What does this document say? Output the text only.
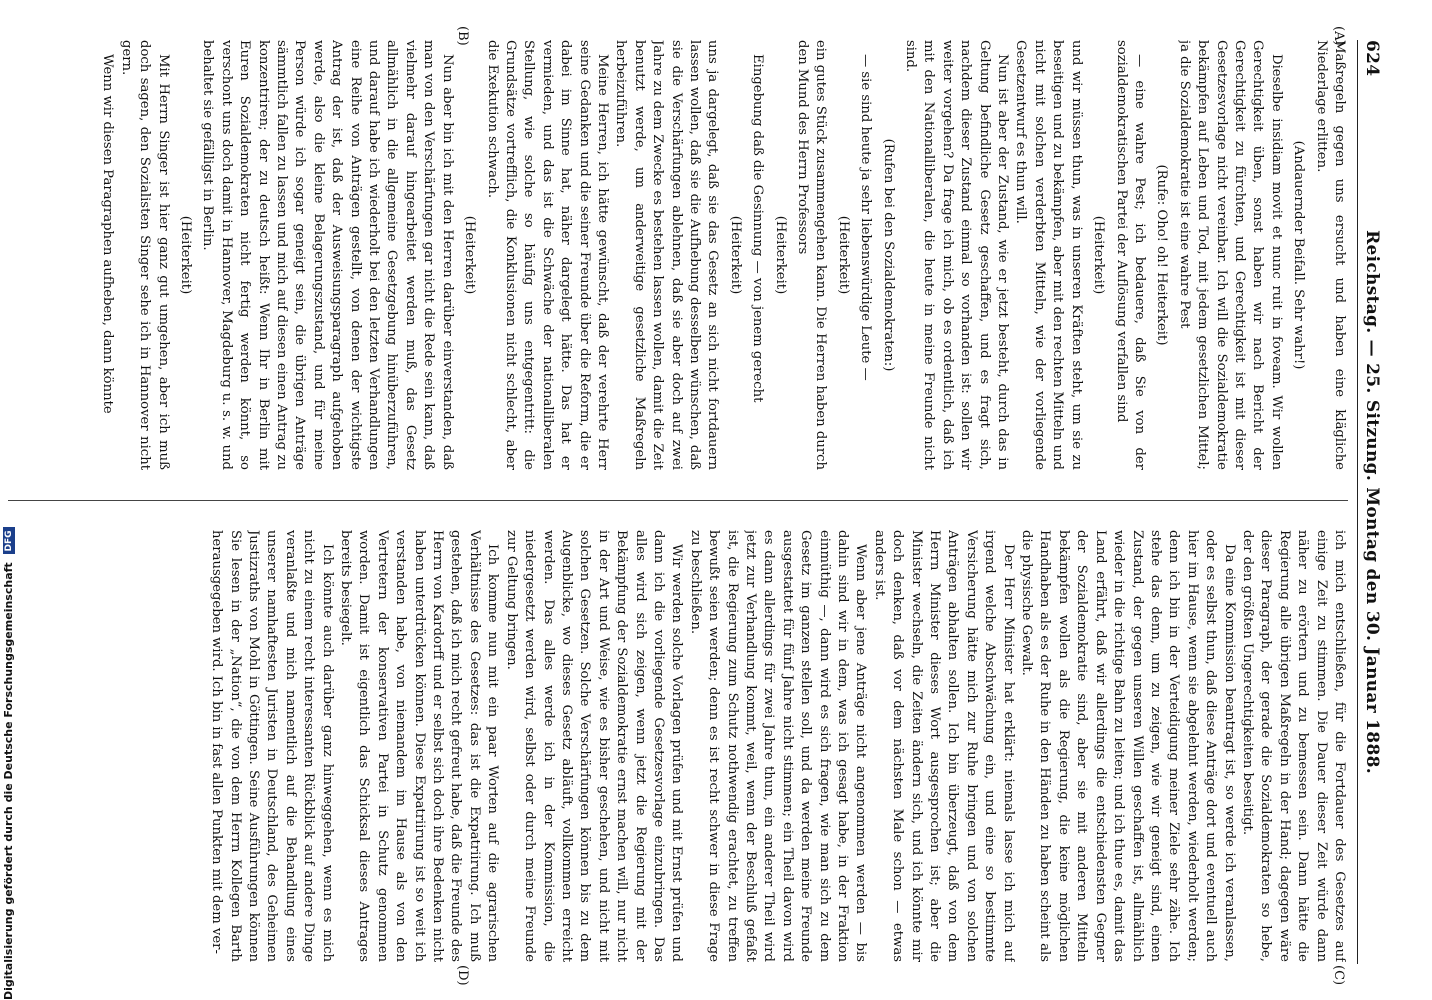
624
Reichstag. — 25. Sitzung. Montag den 30. Januar 1888.
(A)
(B)
(C)
(D)

Maßregeln gegen uns ersucht und haben eine klägliche Niederlage erlitten.

(Andauernder Beifall. Sehr wahr!)

Dieselbe insidiam movit et nunc ruit in foveam. Wir wollen Gerechtigkeit üben, sonst haben wir nach Bericht der Gerechtigkeit zu fürchten, und Gerechtigkeit ist mit dieser Gesetzesvorlage nicht vereinbar. Ich will die Sozialdemokratie bekämpfen auf Leben und Tod, mit jedem gesetzlichen Mittel; ja die Sozialdemokratie ist eine wahre Pest

(Rufe: Oho! oh! Heiterkeit)

— eine wahre Pest; ich bedauere, daß Sie von der sozialdemokratischen Partei der Auflösung verfallen sind

(Heiterkeit)

und wir müssen thun, was in unseren Kräften steht, um sie zu beseitigen und zu bekämpfen, aber mit den rechten Mitteln und nicht mit solchen verderbten Mitteln, wie der vorliegende Gesetzentwurf es thun will.

Nun ist aber der Zustand, wie er jetzt besteht, durch das in Geltung befindliche Gesetz geschaffen, und es fragt sich, nachdem dieser Zustand einmal so vorhanden ist: sollen wir weiter vorgehen? Da frage ich mich, ob es ordentlich, daß ich mit den Nationalliberalen, die heute in meine Freunde nicht sind.

(Rufen bei den Sozialdemokraten:)

— sie sind heute ja sehr liebenswürdige Leute —

(Heiterkeit)

ein gutes Stück zusammengehen kann. Die Herren haben durch den Mund des Herrn Professors

(Heiterkeit)

Eingebung daß die Gesinnung — von jenem gerecht

(Heiterkeit)

uns ja dargelegt, daß sie das Gesetz an sich nicht fortdauern lassen wollen, daß sie die Aufhebung desselben wünschen, daß sie die Verschärfungen ablehnen, daß sie aber doch auf zwei Jahre zu dem Zwecke es bestehen lassen wollen, damit die Zeit benutzt werde, um anderweitige gesetzliche Maßregeln herbeizuführen.

Meine Herren, ich hätte gewünscht, daß der verehrte Herr seine Gedanken und die seiner Freunde über die Reform, die er dabei im Sinne hat, näher dargelegt hätte. Das hat er vermieden, und das ist die Schwäche der nationalliberalen Stellung, wie solche so häufig uns entgegentritt: die Grundsätze vortrefflich, die Konklusionen nicht schlecht, aber die Exekution schwach.

(Heiterkeit)

Nun aber bin ich mit den Herren darüber einverstanden, daß man von den Verschärfungen gar nicht die Rede sein kann, daß vielmehr darauf hingearbeitet werden muß, das Gesetz allmählich in die allgemeine Gesetzgebung hinüberzuführen, und darauf habe ich wiederholt bei den letzten Verhandlungen eine Reihe von Anträgen gestellt, von denen der wichtigste Antrag der ist, daß der Ausweisungsparagraph aufgehoben werde, also die kleine Belagerungszustand, und für meine Person würde ich sogar geneigt sein, die übrigen Anträge sämmtlich fallen zu lassen und mich auf diesen einen Antrag zu konzentriren; der zu deutsch heißt: Wenn Ihr in Berlin mit Euren Sozialdemokraten nicht fertig werden könnt, so verschont uns doch damit in Hannover, Magdeburg u. s. w. und behaltet sie gefälligst in Berlin.

(Heiterkeit)

Mit Herrn Singer ist hier ganz gut umgehen, aber ich muß doch sagen, den Sozialisten Singer sehe ich in Hannover nicht gern.

Wenn wir diesen Paragraphen aufheben, dann könnte

ich mich entschließen, für die Fortdauer des Gesetzes auf einige Zeit zu stimmen. Die Dauer dieser Zeit würde dann näher zu erörtern und zu bemessen sein. Dann hätte die Regierung alle übrigen Maßregeln in der Hand; dagegen wäre dieser Paragraph, der gerade die Sozialdemokraten so hebe, der den größten Ungerechtigkeiten beseitigt.

Da eine Kommission beantragt ist, so werde ich veranlassen, oder es selbst thun, daß diese Anträge dort und eventuell auch hier im Hause, wenn sie abgelehnt werden, wiederholt werden; denn ich bin in der Verteidigung meiner Ziele sehr zähe. Ich stehe das denn, um zu zeigen, wie wir geneigt sind, einen Zustand, der gegen unseren Willen geschaffen ist, allmählich wieder in die richtige Bahn zu leiten; und ich thue es, damit das Land erfährt, daß wir allerdings die entschiedensten Gegner der Sozialdemokratie sind, aber sie mit anderen Mitteln bekämpfen wollen als die Regierung, die keine möglichen Handhaben als es der Ruhe in den Händen zu haben scheint als die physische Gewalt.

Der Herr Minister hat erklärt: niemals lasse ich mich auf irgend welche Abschwächung ein, und eine so bestimmte Versicherung hätte mich zur Ruhe bringen und von solchen Anträgen abhalten sollen. Ich bin überzeugt, daß von dem Herrn Minister dieses Wort ausgesprochen ist; aber die Minister wechseln, die Zeiten ändern sich, und ich könnte mir doch denken, daß vor dem nächsten Male schon — etwas anders ist.

Wenn aber jene Anträge nicht angenommen werden — bis dahin sind wir in dem, was ich gesagt habe, in der Fraktion einmüthig —, dann wird es sich fragen, wie man sich zu dem Gesetz im ganzen stellen soll, und da werden meine Freunde ausgestattet für fünf Jahre nicht stimmen; ein Theil davon wird es dann allerdings für zwei Jahre thun, ein anderer Theil wird jetzt zur Verhandlung kommt, weil, wenn der Beschluß gefaßt ist, die Regierung zum Schutz nothwendig erachtet, zu treffen bewußt seien werden; denn es ist recht schwer in diese Frage zu beschließen.

Wir werden solche Vorlagen prüfen und mit Ernst prüfen und dann ich die vorliegende Gesetzesvorlage einzubringen. Das alles wird sich zeigen, wenn jetzt die Regierung mit der Bekämpfung der Sozialdemokratie ernst machen will, nur nicht in der Art und Weise, wie es bisher geschehen, und nicht mit solchen Gesetzen. Solche Verschärfungen können bis zu dem Augenblicke, wo dieses Gesetz abläuft, vollkommen erreicht werden. Das alles werde ich in der Kommission, die niedergesetzt werden wird, selbst oder durch meine Freunde zur Geltung bringen.

Ich komme nun mit ein paar Worten auf die agrarischen Verhältnisse des Gesetzes: das ist die Expatriirung. Ich muß gestehen, daß ich mich recht gefreut habe, daß die Freunde des Herrn von Kardorff und er selbst sich doch ihre Bedenken nicht haben unterdrücken können. Diese Expatriirung ist so weit ich verstanden habe, von niemandem im Hause als von den Vertretern der konservativen Partei in Schutz genommen worden. Damit ist eigentlich das Schicksal dieses Antrages bereits besiegelt.

Ich könnte auch darüber ganz hinweggehen, wenn es mich nicht zu einem recht interessanten Rückblick auf andere Dinge veranlaßte und mich namentlich auf die Behandlung eines unserer namhaftesten Juristen in Deutschland, des Geheimen Justizraths von Mohl in Göttingen. Seine Ausführungen können Sie lesen in der „Nation“, die von dem Herrn Kollegen Barth herausgegeben wird. Ich bin in fast allen Punkten mit dem ver-

Digitalisierung gefördert durch die Deutsche Forschungsgemeinschaft DFG
